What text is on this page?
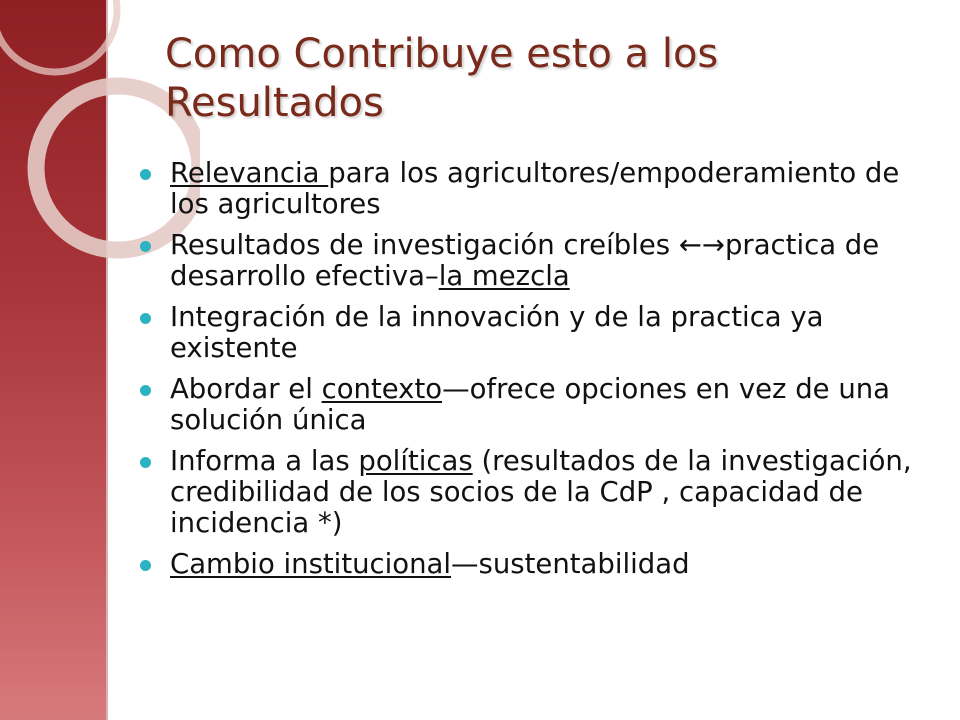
Como Contribuye esto a los Resultados
Relevancia para los agricultores/empoderamiento de los agricultores
Resultados de investigación creíbles ←→practica de desarrollo efectiva–la mezcla
Integración de la innovación y de la practica ya existente
Abordar el contexto—ofrece opciones en vez de una solución única
Informa a las políticas (resultados de la investigación, credibilidad de los socios de la CdP , capacidad de incidencia *)
Cambio institucional—sustentabilidad
